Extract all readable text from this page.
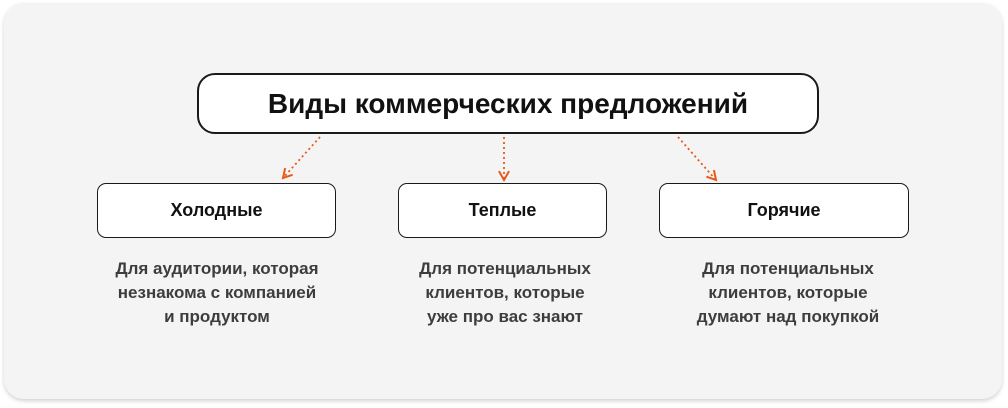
Виды коммерческих предложений
Холодные	Теплые	Горячие
Для аудитории, которая
незнакома с компанией
и продуктом
Для потенциальных
клиентов, которые
уже про вас знают
Для потенциальных
клиентов, которые
думают над покупкой
